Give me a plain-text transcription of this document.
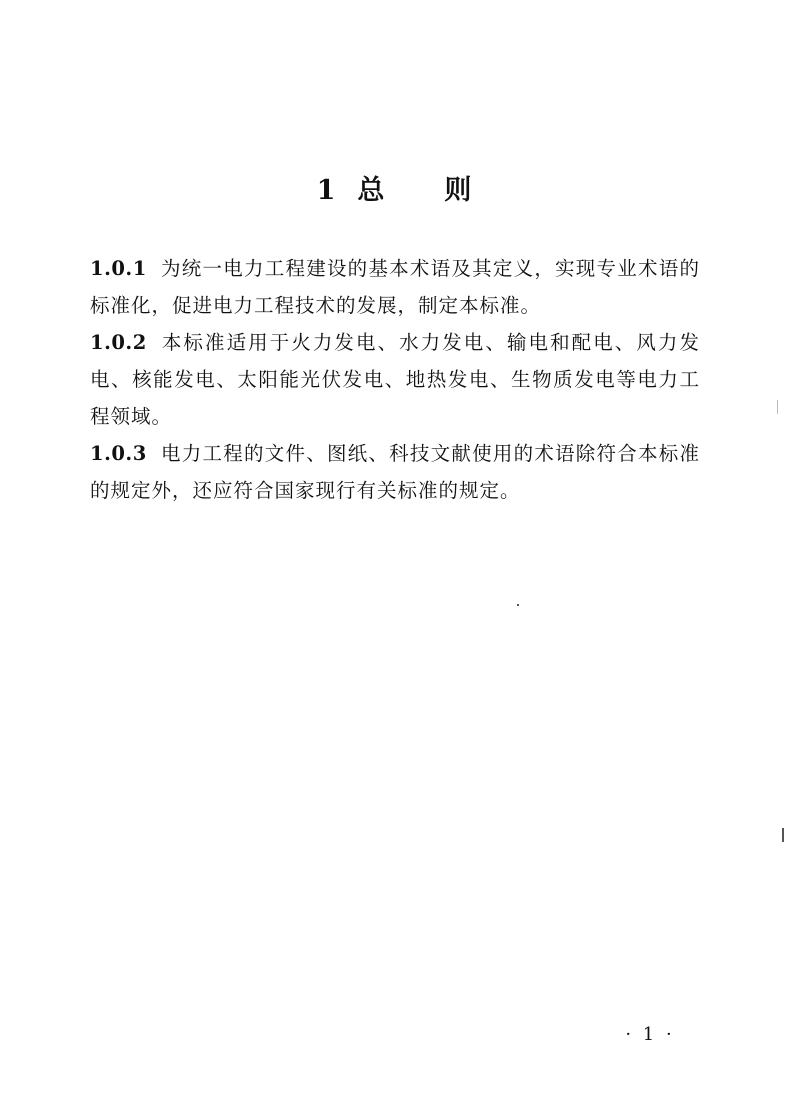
1 总 则

1.0.1 为统一电力工程建设的基本术语及其定义，实现专业术语的标准化，促进电力工程技术的发展，制定本标准。

1.0.2 本标准适用于火力发电、水力发电、输电和配电、风力发电、核能发电、太阳能光伏发电、地热发电、生物质发电等电力工程领域。

1.0.3 电力工程的文件、图纸、科技文献使用的术语除符合本标准的规定外，还应符合国家现行有关标准的规定。

· 1 ·
